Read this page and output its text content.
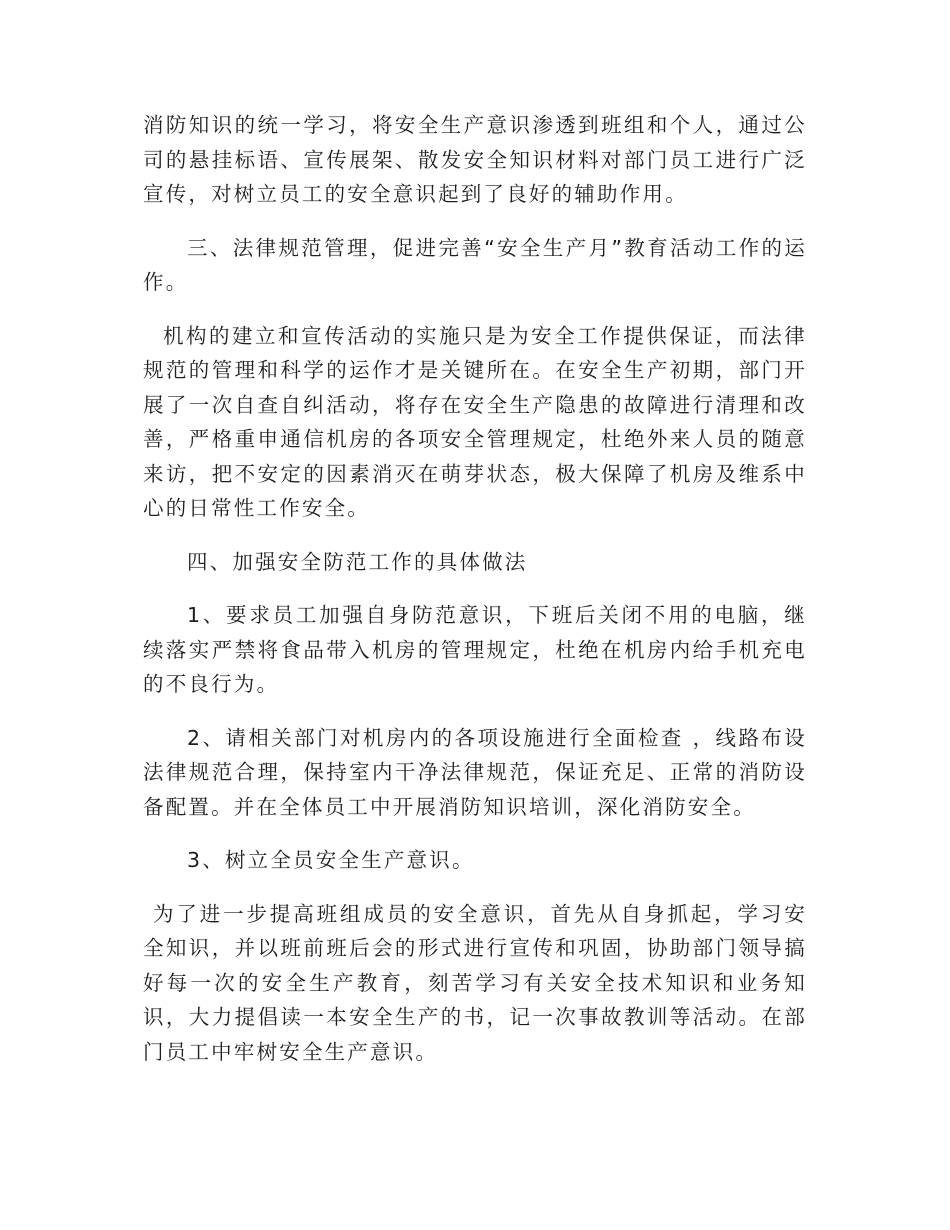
消防知识的统一学习，将安全生产意识渗透到班组和个人，通过公司的悬挂标语、宣传展架、散发安全知识材料对部门员工进行广泛宣传，对树立员工的安全意识起到了良好的辅助作用。

三、法律规范管理，促进完善“安全生产月”教育活动工作的运作。

机构的建立和宣传活动的实施只是为安全工作提供保证，而法律规范的管理和科学的运作才是关键所在。在安全生产初期，部门开展了一次自查自纠活动，将存在安全生产隐患的故障进行清理和改善，严格重申通信机房的各项安全管理规定，杜绝外来人员的随意来访，把不安定的因素消灭在萌芽状态，极大保障了机房及维系中心的日常性工作安全。

四、加强安全防范工作的具体做法

1、要求员工加强自身防范意识，下班后关闭不用的电脑，继续落实严禁将食品带入机房的管理规定，杜绝在机房内给手机充电的不良行为。

2、请相关部门对机房内的各项设施进行全面检查 ，线路布设法律规范合理，保持室内干净法律规范，保证充足、正常的消防设备配置。并在全体员工中开展消防知识培训，深化消防安全。

3、树立全员安全生产意识。

为了进一步提高班组成员的安全意识，首先从自身抓起，学习安全知识，并以班前班后会的形式进行宣传和巩固，协助部门领导搞好每一次的安全生产教育，刻苦学习有关安全技术知识和业务知识，大力提倡读一本安全生产的书，记一次事故教训等活动。在部门员工中牢树安全生产意识。
